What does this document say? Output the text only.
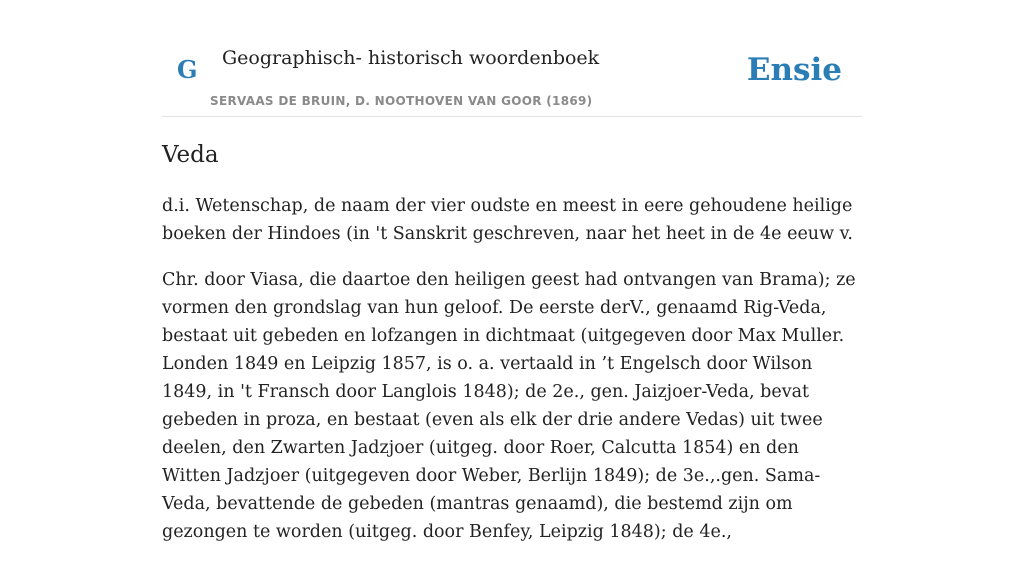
G Geographisch- historisch woordenboek
SERVAAS DE BRUIN, D. NOOTHOVEN VAN GOOR (1869)
Ensie
Veda

d.i. Wetenschap, de naam der vier oudste en meest in eere gehoudene heilige boeken der Hindoes (in 't Sanskrit geschreven, naar het heet in de 4e eeuw v.

Chr. door Viasa, die daartoe den heiligen geest had ontvangen van Brama); ze vormen den grondslag van hun geloof. De eerste derV., genaamd Rig-Veda, bestaat uit gebeden en lofzangen in dichtmaat (uitgegeven door Max Muller. Londen 1849 en Leipzig 1857, is o. a. vertaald in ’t Engelsch door Wilson 1849, in 't Fransch door Langlois 1848); de 2e., gen. Jaizjoer-Veda, bevat gebeden in proza, en bestaat (even als elk der drie andere Vedas) uit twee deelen, den Zwarten Jadzjoer (uitgeg. door Roer, Calcutta 1854) en den Witten Jadzjoer (uitgegeven door Weber, Berlijn 1849); de 3e.,.gen. Sama-Veda, bevattende de gebeden (mantras genaamd), die bestemd zijn om gezongen te worden (uitgeg. door Benfey, Leipzig 1848); de 4e.,
